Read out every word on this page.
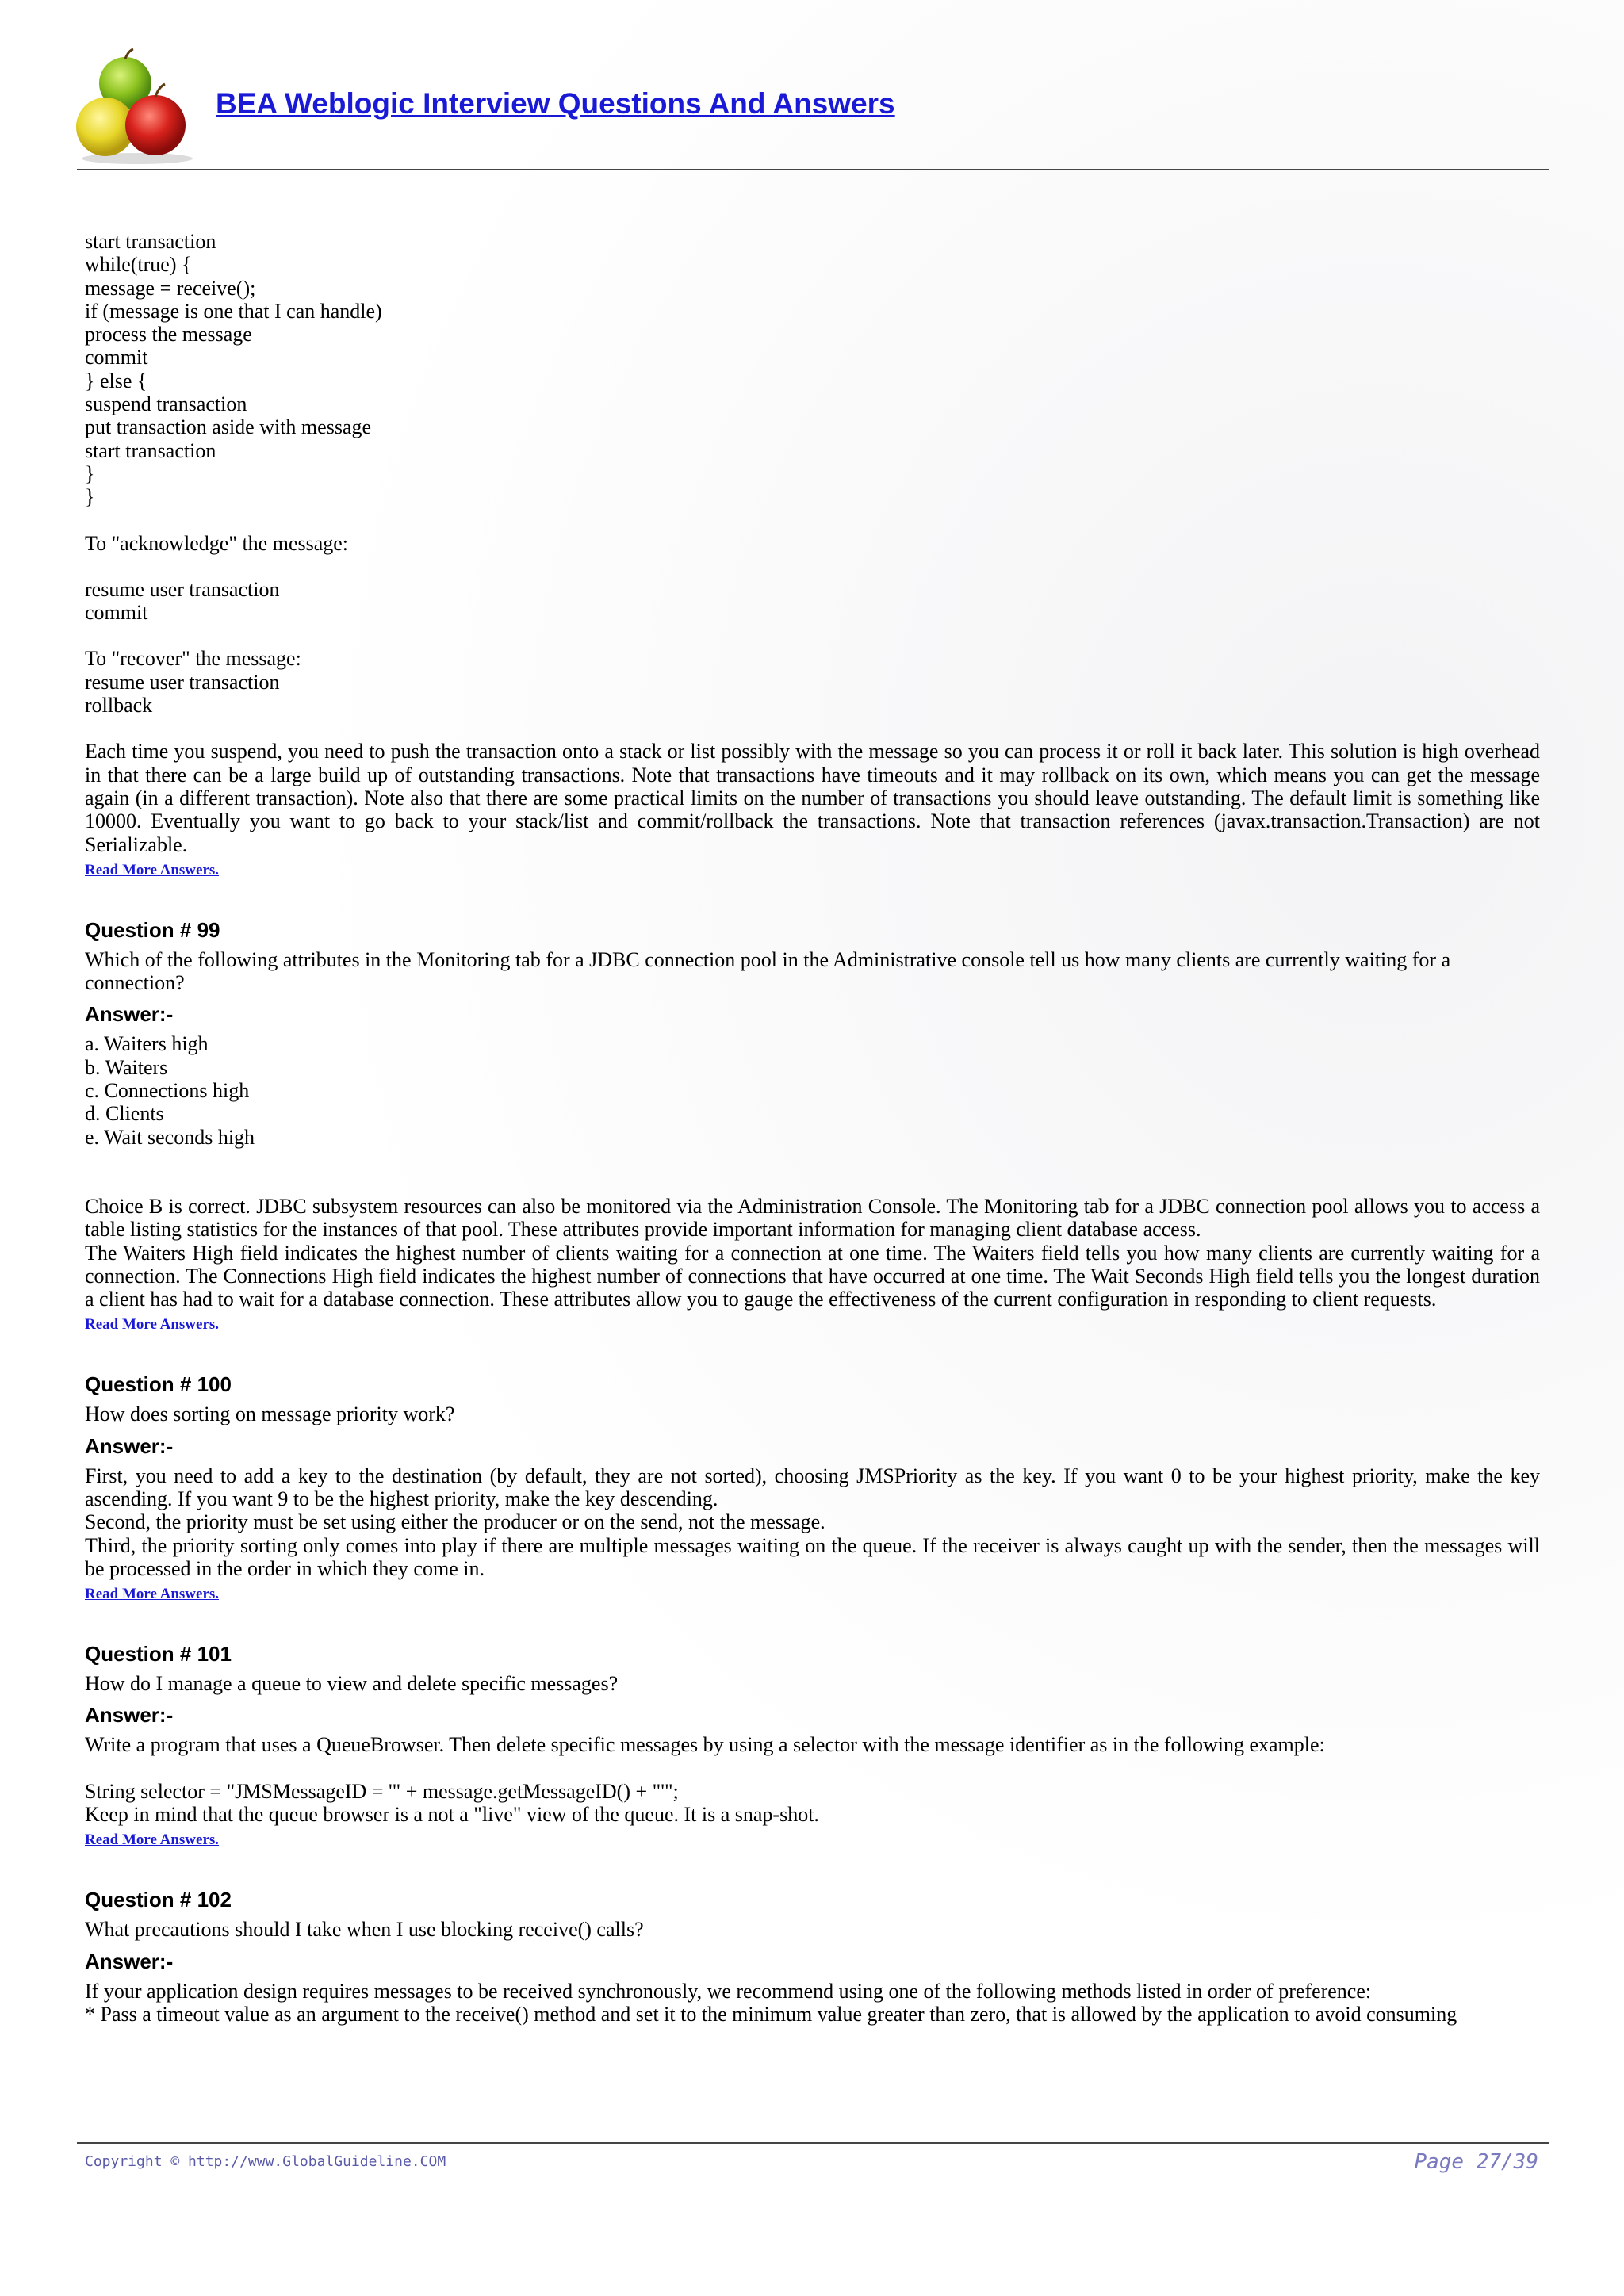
BEA Weblogic Interview Questions And Answers
start transaction
while(true) {
message = receive();
if (message is one that I can handle)
process the message
commit
} else {
suspend transaction
put transaction aside with message
start transaction
}
}
To "acknowledge" the message:
resume user transaction
commit
To "recover" the message:
resume user transaction
rollback
Each time you suspend, you need to push the transaction onto a stack or list possibly with the message so you can process it or roll it back later. This solution is high overhead in that there can be a large build up of outstanding transactions. Note that transactions have timeouts and it may rollback on its own, which means you can get the message again (in a different transaction). Note also that there are some practical limits on the number of transactions you should leave outstanding. The default limit is something like 10000. Eventually you want to go back to your stack/list and commit/rollback the transactions. Note that transaction references (javax.transaction.Transaction) are not Serializable.
Read More Answers.
Question # 99
Which of the following attributes in the Monitoring tab for a JDBC connection pool in the Administrative console tell us how many clients are currently waiting for a connection?
Answer:-
a. Waiters high
b. Waiters
c. Connections high
d. Clients
e. Wait seconds high
Choice B is correct. JDBC subsystem resources can also be monitored via the Administration Console. The Monitoring tab for a JDBC connection pool allows you to access a table listing statistics for the instances of that pool. These attributes provide important information for managing client database access.
The Waiters High field indicates the highest number of clients waiting for a connection at one time. The Waiters field tells you how many clients are currently waiting for a connection. The Connections High field indicates the highest number of connections that have occurred at one time. The Wait Seconds High field tells you the longest duration a client has had to wait for a database connection. These attributes allow you to gauge the effectiveness of the current configuration in responding to client requests.
Read More Answers.
Question # 100
How does sorting on message priority work?
Answer:-
First, you need to add a key to the destination (by default, they are not sorted), choosing JMSPriority as the key. If you want 0 to be your highest priority, make the key ascending. If you want 9 to be the highest priority, make the key descending.
Second, the priority must be set using either the producer or on the send, not the message.
Third, the priority sorting only comes into play if there are multiple messages waiting on the queue. If the receiver is always caught up with the sender, then the messages will be processed in the order in which they come in.
Read More Answers.
Question # 101
How do I manage a queue to view and delete specific messages?
Answer:-
Write a program that uses a QueueBrowser. Then delete specific messages by using a selector with the message identifier as in the following example:
String selector = "JMSMessageID = '" + message.getMessageID() + "'";
Keep in mind that the queue browser is a not a "live" view of the queue. It is a snap-shot.
Read More Answers.
Question # 102
What precautions should I take when I use blocking receive() calls?
Answer:-
If your application design requires messages to be received synchronously, we recommend using one of the following methods listed in order of preference:
* Pass a timeout value as an argument to the receive() method and set it to the minimum value greater than zero, that is allowed by the application to avoid consuming
Copyright © http://www.GlobalGuideline.COM	Page 27/39
